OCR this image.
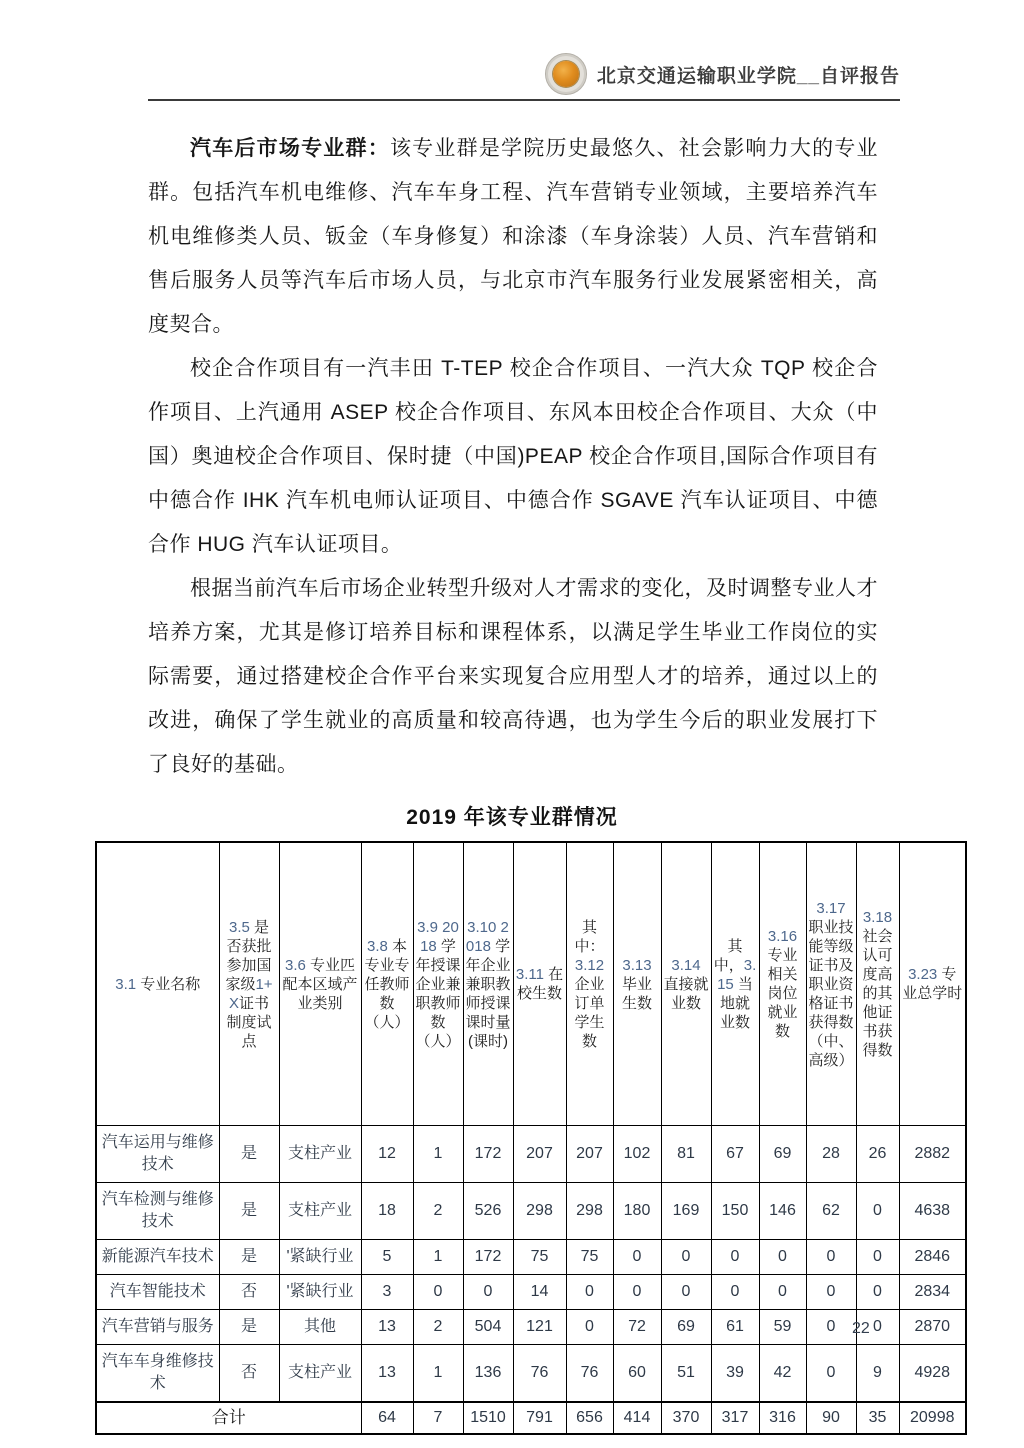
北京交通运输职业学院__自评报告

汽车后市场专业群：该专业群是学院历史最悠久、社会影响力大的专业群。包括汽车机电维修、汽车车身工程、汽车营销专业领域，主要培养汽车机电维修类人员、钣金（车身修复）和涂漆（车身涂装）人员、汽车营销和售后服务人员等汽车后市场人员，与北京市汽车服务行业发展紧密相关，高度契合。

校企合作项目有一汽丰田 T-TEP 校企合作项目、一汽大众 TQP 校企合作项目、上汽通用 ASEP 校企合作项目、东风本田校企合作项目、大众（中国）奥迪校企合作项目、保时捷（中国)PEAP 校企合作项目,国际合作项目有中德合作 IHK 汽车机电师认证项目、中德合作 SGAVE 汽车认证项目、中德合作 HUG 汽车认证项目。

根据当前汽车后市场企业转型升级对人才需求的变化，及时调整专业人才培养方案，尤其是修订培养目标和课程体系，以满足学生毕业工作岗位的实际需要，通过搭建校企合作平台来实现复合应用型人才的培养，通过以上的改进，确保了学生就业的高质量和较高待遇，也为学生今后的职业发展打下了良好的基础。

2019 年该专业群情况
3.1 专业名称	3.5 是否获批参加国家级1+X证书制度试点	3.6 专业匹配本区域产业类别	3.8 本专业专任教师数（人）	3.9 2018 学年授课企业兼职教师数（人）	3.10 2018 学年企业兼职教师授课课时量(课时)	3.11 在校生数	其中：3.12 企业订单学生数	3.13 毕业生数	3.14 直接就业数	其中，3.15 当地就业数	3.16 专业相关岗位就业数	3.17 职业技能等级证书及职业资格证书获得数（中、高级）	3.18 社会认可度高的其他证书获得数	3.23 专业总学时
汽车运用与维修技术	是	支柱产业	12	1	172	207	207	102	81	67	69	28	26	2882
汽车检测与维修技术	是	支柱产业	18	2	526	298	298	180	169	150	146	62	0	4638
新能源汽车技术	是	'紧缺行业	5	1	172	75	75	0	0	0	0	0	0	2846
汽车智能技术	否	'紧缺行业	3	0	0	14	0	0	0	0	0	0	0	2834
汽车营销与服务	是	其他	13	2	504	121	0	72	69	61	59	0	0	2870
汽车车身维修技术	否	支柱产业	13	1	136	76	76	60	51	39	42	0	9	4928
合计			64	7	1510	791	656	414	370	317	316	90	35	20998
22
